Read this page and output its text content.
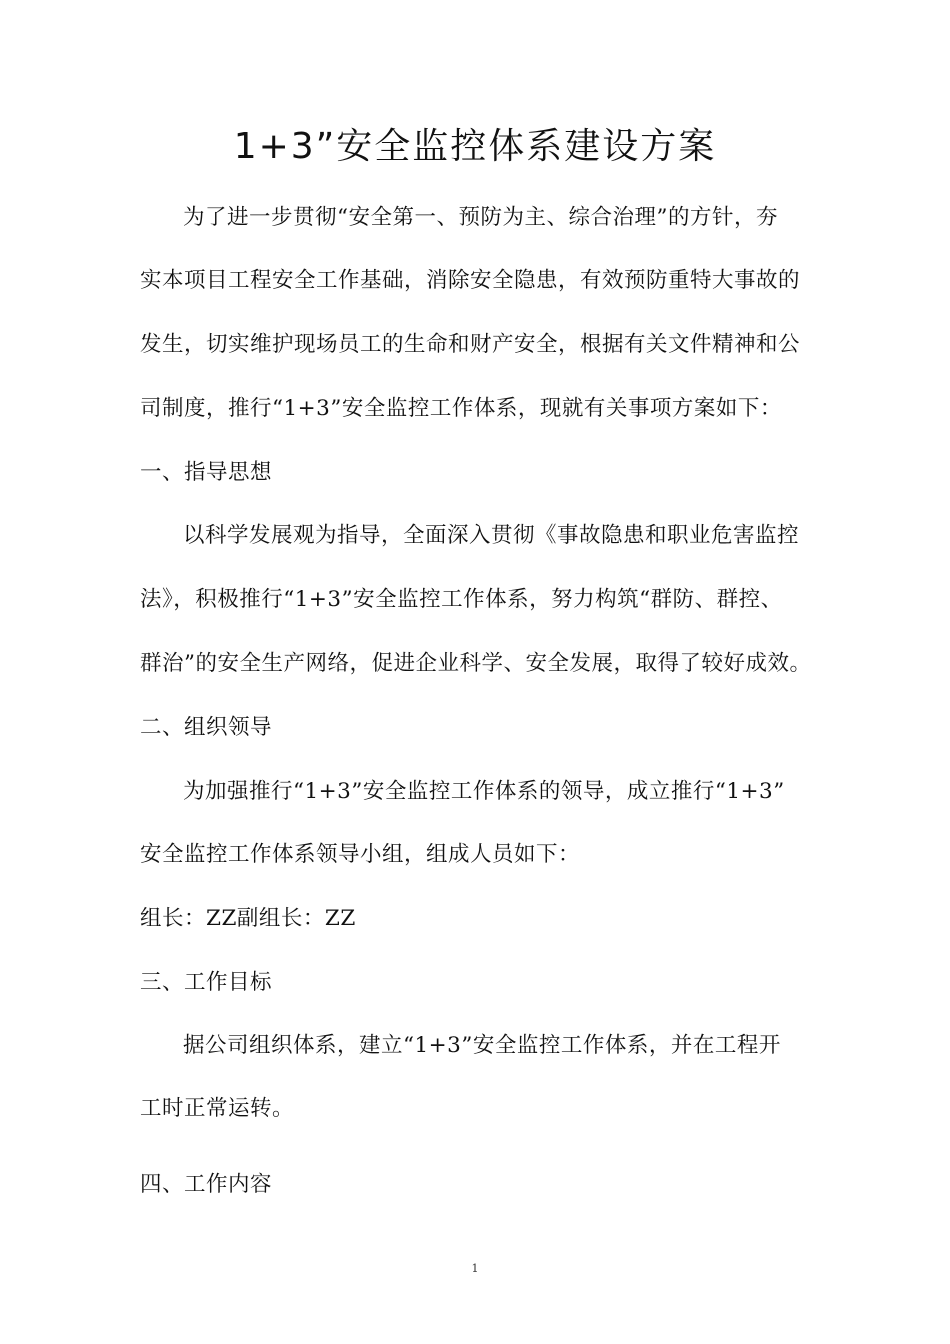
1+3”安全监控体系建设方案
为了进一步贯彻“安全第一、预防为主、综合治理”的方针，夯
实本项目工程安全工作基础，消除安全隐患，有效预防重特大事故的
发生，切实维护现场员工的生命和财产安全，根据有关文件精神和公
司制度，推行“1+3”安全监控工作体系，现就有关事项方案如下：
一、指导思想
以科学发展观为指导，全面深入贯彻《事故隐患和职业危害监控
法》，积极推行“1+3”安全监控工作体系，努力构筑“群防、群控、
群治”的安全生产网络，促进企业科学、安全发展，取得了较好成效。
二、组织领导
为加强推行“1+3”安全监控工作体系的领导，成立推行“1+3”
安全监控工作体系领导小组，组成人员如下：
组长：ZZ副组长：ZZ
三、工作目标
据公司组织体系，建立“1+3”安全监控工作体系，并在工程开
工时正常运转。
四、工作内容
1
